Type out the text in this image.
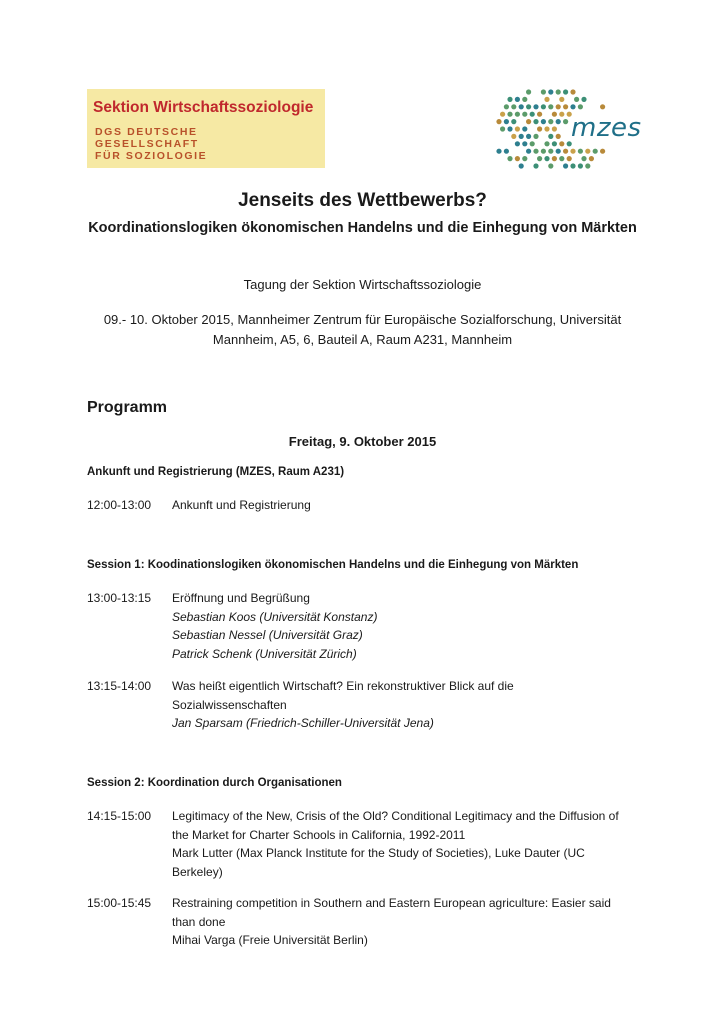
Sektion Wirtschaftssoziologie
DGS DEUTSCHE
GESELLSCHAFT
FÜR SOZIOLOGIE
mzes
Jenseits des Wettbewerbs?
Koordinationslogiken ökonomischen Handelns und die Einhegung von Märkten
Tagung der Sektion Wirtschaftssoziologie
09.- 10. Oktober 2015, Mannheimer Zentrum für Europäische Sozialforschung, Universität
Mannheim, A5, 6, Bauteil A, Raum A231, Mannheim
Programm
Freitag, 9. Oktober 2015
Ankunft und Registrierung (MZES, Raum A231)
12:00-13:00 Ankunft und Registrierung
Session 1: Koodinationslogiken ökonomischen Handelns und die Einhegung von Märkten
13:00-13:15 Eröffnung und Begrüßung
Sebastian Koos (Universität Konstanz)
Sebastian Nessel (Universität Graz)
Patrick Schenk (Universität Zürich)
13:15-14:00 Was heißt eigentlich Wirtschaft? Ein rekonstruktiver Blick auf die
Sozialwissenschaften
Jan Sparsam (Friedrich-Schiller-Universität Jena)
Session 2: Koordination durch Organisationen
14:15-15:00 Legitimacy of the New, Crisis of the Old? Conditional Legitimacy and the Diffusion of
the Market for Charter Schools in California, 1992-2011
Mark Lutter (Max Planck Institute for the Study of Societies), Luke Dauter (UC
Berkeley)
15:00-15:45 Restraining competition in Southern and Eastern European agriculture: Easier said
than done
Mihai Varga (Freie Universität Berlin)
